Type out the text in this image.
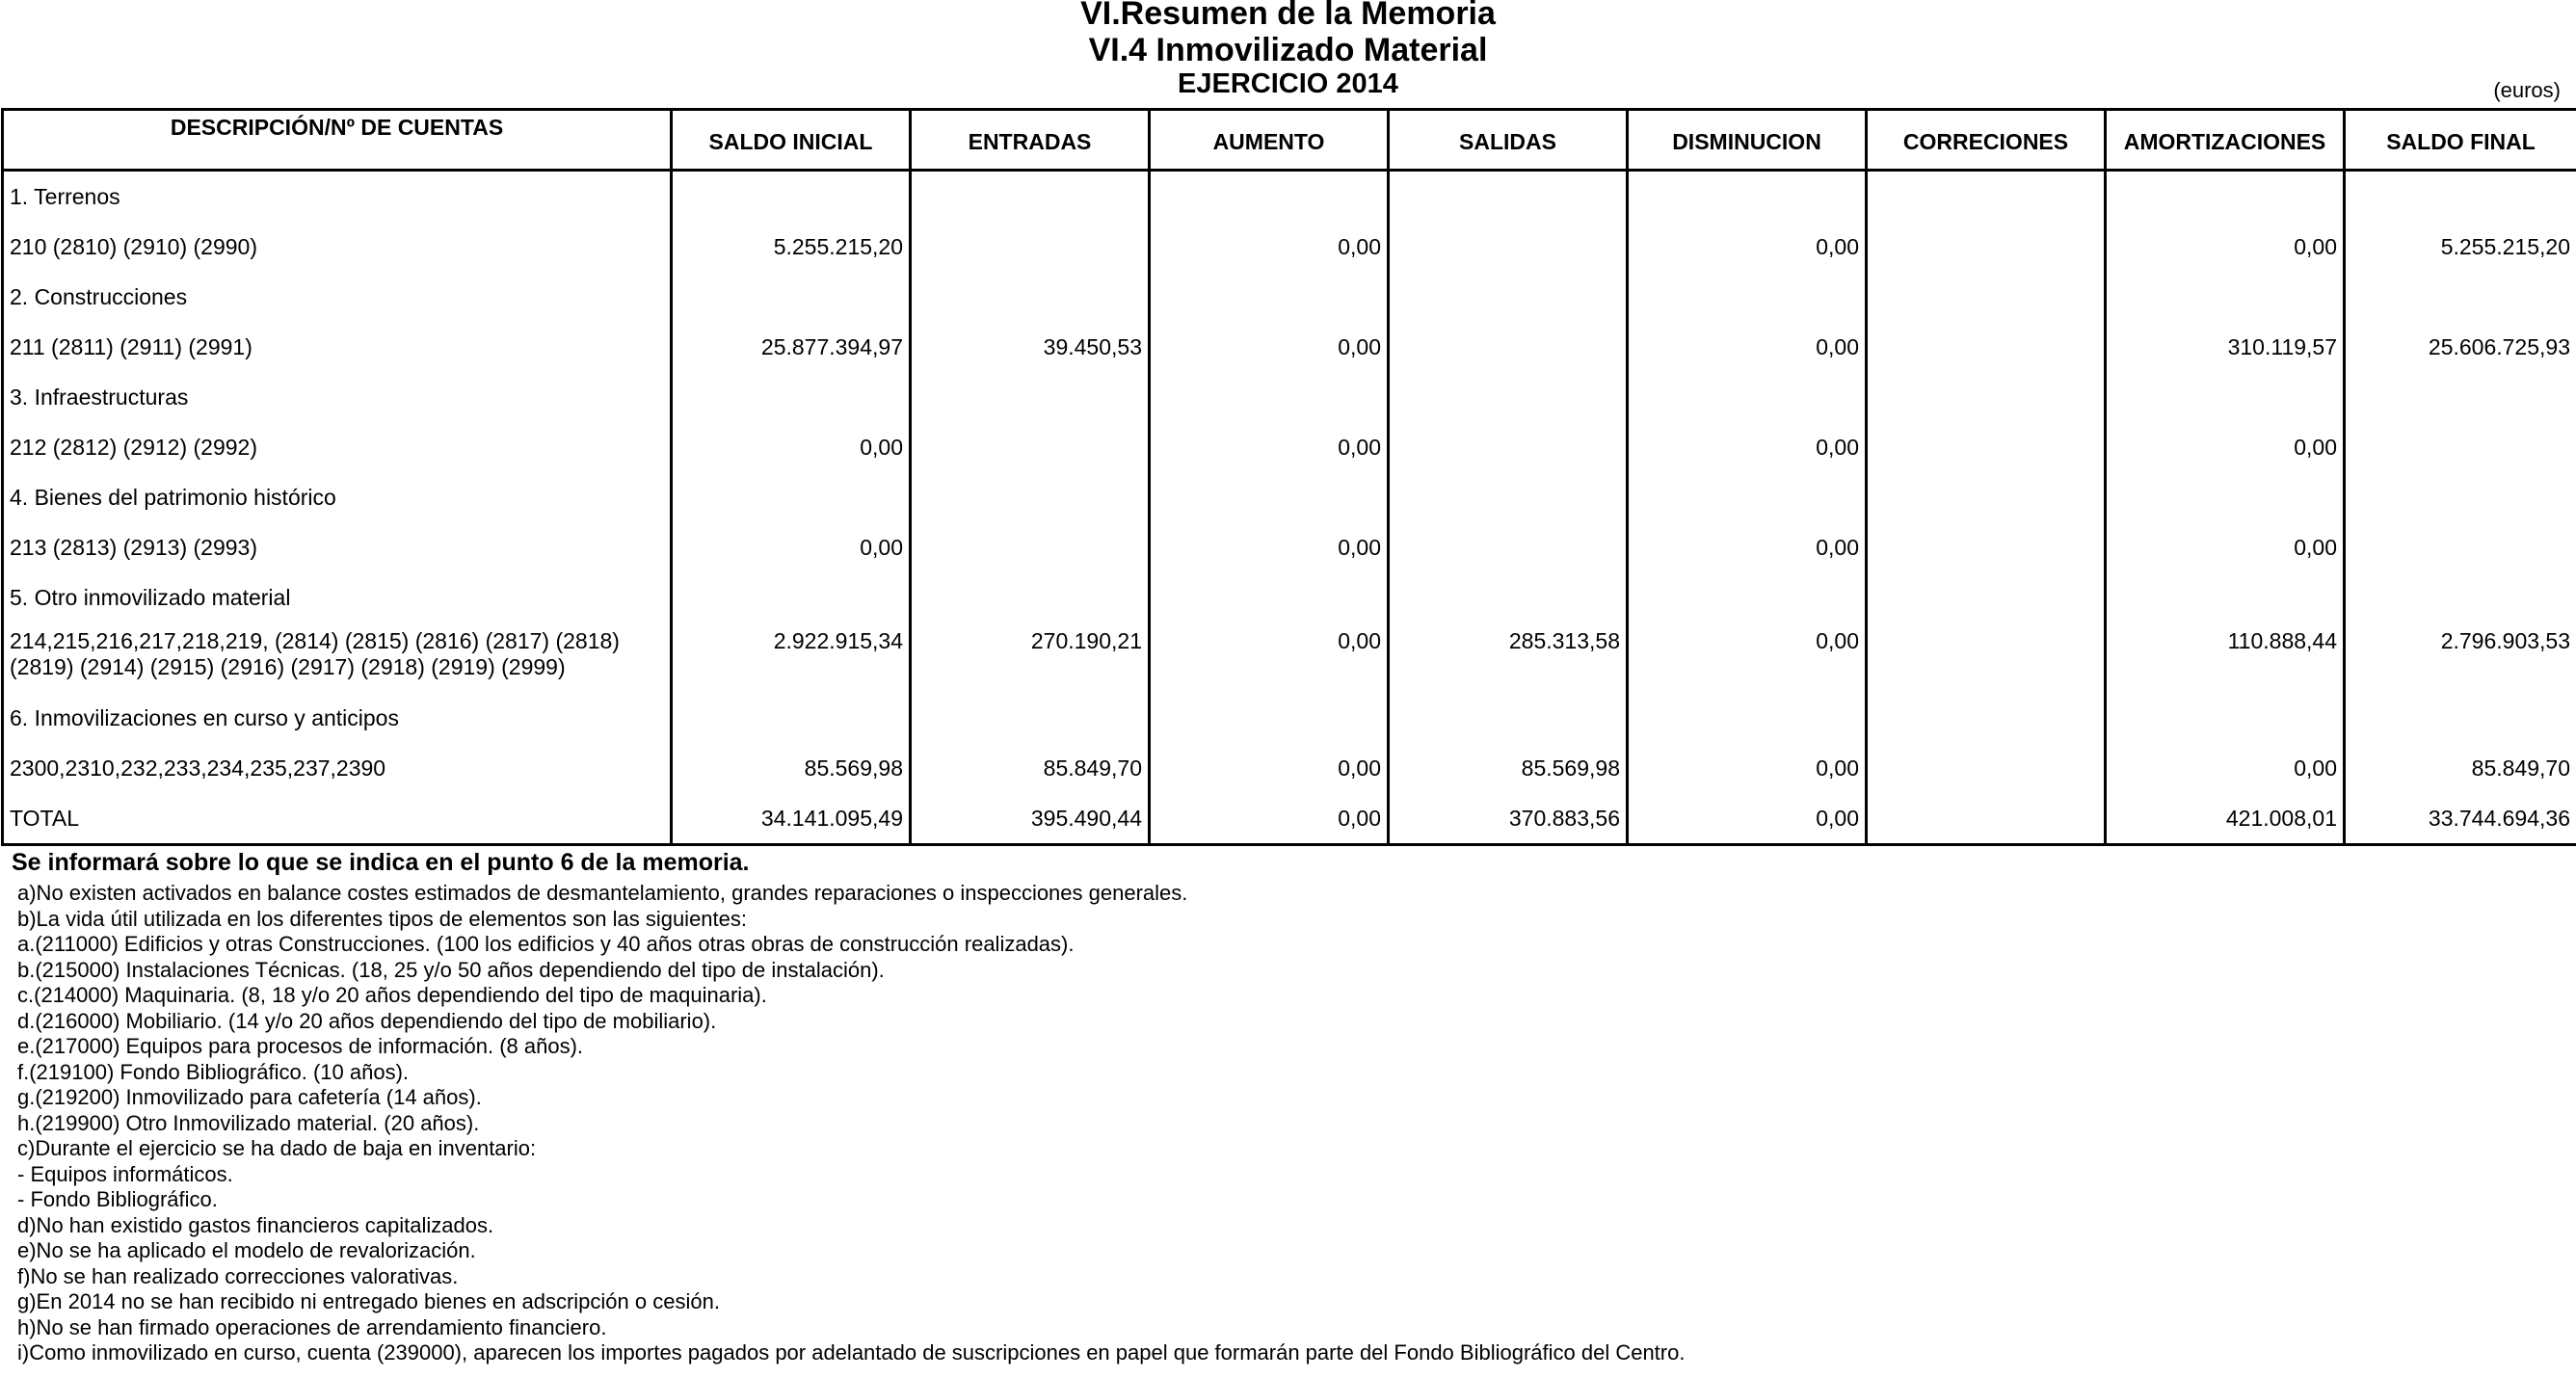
VI.Resumen de la Memoria
VI.4 Inmovilizado Material
EJERCICIO 2014	(euros)
DESCRIPCIÓN/Nº DE CUENTAS	SALDO INICIAL	ENTRADAS	AUMENTO	SALIDAS	DISMINUCION	CORRECIONES	AMORTIZACIONES	SALDO FINAL
1. Terrenos								
210 (2810) (2910) (2990)	5.255.215,20		0,00		0,00		0,00	5.255.215,20
2. Construcciones								
211 (2811) (2911) (2991)	25.877.394,97	39.450,53	0,00		0,00		310.119,57	25.606.725,93
3. Infraestructuras								
212 (2812) (2912) (2992)	0,00		0,00		0,00		0,00	
4. Bienes del patrimonio histórico								
213 (2813) (2913) (2993)	0,00		0,00		0,00		0,00	
5. Otro inmovilizado material								
214,215,216,217,218,219, (2814) (2815) (2816) (2817) (2818) (2819) (2914) (2915) (2916) (2917) (2918) (2919) (2999)	2.922.915,34	270.190,21	0,00	285.313,58	0,00		110.888,44	2.796.903,53
6. Inmovilizaciones en curso y anticipos								
2300,2310,232,233,234,235,237,2390	85.569,98	85.849,70	0,00	85.569,98	0,00		0,00	85.849,70
TOTAL	34.141.095,49	395.490,44	0,00	370.883,56	0,00		421.008,01	33.744.694,36
Se informará sobre lo que se indica en el punto 6 de la memoria.
a)No existen activados en balance costes estimados de desmantelamiento, grandes reparaciones o inspecciones generales.
b)La vida útil utilizada en los diferentes tipos de elementos son las siguientes:
a.(211000) Edificios y otras Construcciones. (100 los edificios y 40 años otras obras de construcción realizadas).
b.(215000) Instalaciones Técnicas. (18, 25 y/o 50 años dependiendo del tipo de instalación).
c.(214000) Maquinaria. (8, 18 y/o 20 años dependiendo del tipo de maquinaria).
d.(216000) Mobiliario. (14 y/o 20 años dependiendo del tipo de mobiliario).
e.(217000) Equipos para procesos de información. (8 años).
f.(219100) Fondo Bibliográfico. (10 años).
g.(219200) Inmovilizado para cafetería (14 años).
h.(219900) Otro Inmovilizado material. (20 años).
c)Durante el ejercicio se ha dado de baja en inventario:
- Equipos informáticos.
- Fondo Bibliográfico.
d)No han existido gastos financieros capitalizados.
e)No se ha aplicado el modelo de revalorización.
f)No se han realizado correcciones valorativas.
g)En 2014 no se han recibido ni entregado bienes en adscripción o cesión.
h)No se han firmado operaciones de arrendamiento financiero.
i)Como inmovilizado en curso, cuenta (239000), aparecen los importes pagados por adelantado de suscripciones en papel que formarán parte del Fondo Bibliográfico del Centro.
